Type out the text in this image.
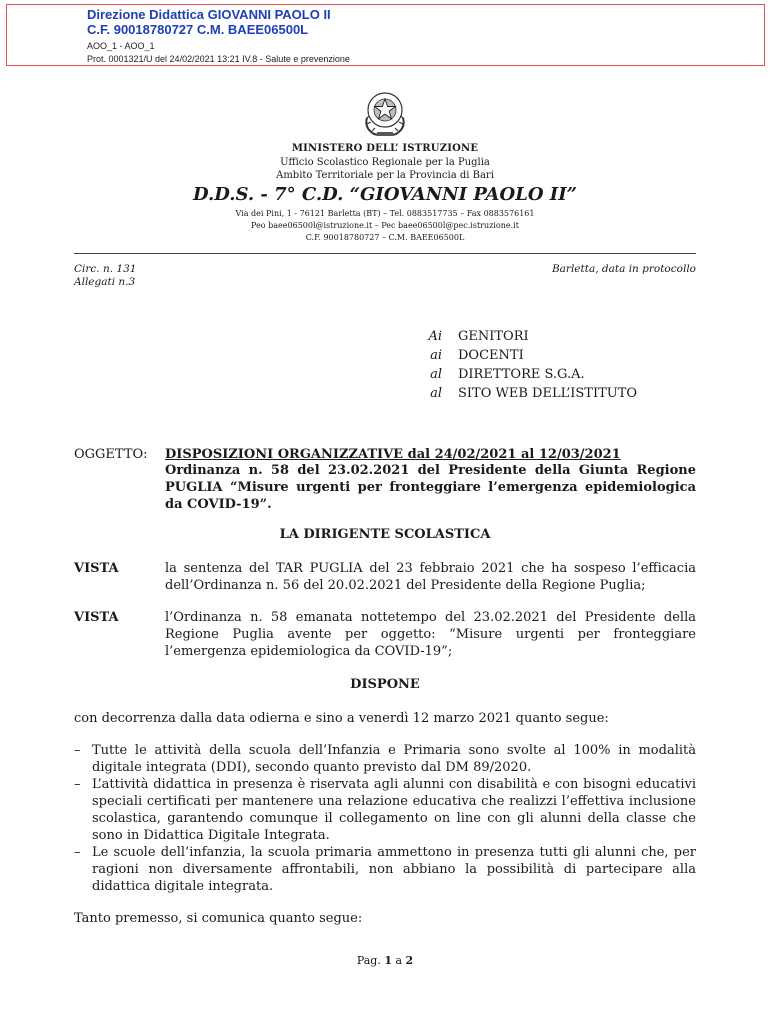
Direzione Didattica GIOVANNI PAOLO II
C.F. 90018780727 C.M. BAEE06500L
AOO_1 - AOO_1
Prot. 0001321/U del 24/02/2021 13:21 IV.8 - Salute e prevenzione
MINISTERO DELL’ ISTRUZIONE
Ufficio Scolastico Regionale per la Puglia
Ambito Territoriale per la Provincia di Bari
D.D.S. - 7° C.D. “GIOVANNI PAOLO II”
Via dei Pini, 1 - 76121 Barletta (BT) – Tel. 0883517735 – Fax 0883576161
Peo baee06500l@istruzione.it – Pec baee06500l@pec.istruzione.it
C.F. 90018780727 – C.M. BAEE06500L
Circ. n. 131
Allegati n.3
Barletta, data in protocollo
Ai GENITORI
ai DOCENTI
al DIRETTORE S.G.A.
al SITO WEB DELL’ISTITUTO
OGGETTO: DISPOSIZIONI ORGANIZZATIVE dal 24/02/2021 al 12/03/2021
Ordinanza n. 58 del 23.02.2021 del Presidente della Giunta Regione PUGLIA “Misure urgenti per fronteggiare l’emergenza epidemiologica da COVID-19”.
LA DIRIGENTE SCOLASTICA
VISTA	la sentenza del TAR PUGLIA del 23 febbraio 2021 che ha sospeso l’efficacia dell’Ordinanza n. 56 del 20.02.2021 del Presidente della Regione Puglia;
VISTA	l’Ordinanza n. 58 emanata nottetempo del 23.02.2021 del Presidente della Regione Puglia avente per oggetto: “Misure urgenti per fronteggiare l’emergenza epidemiologica da COVID-19”;
DISPONE
con decorrenza dalla data odierna e sino a venerdì 12 marzo 2021 quanto segue:
– Tutte le attività della scuola dell’Infanzia e Primaria sono svolte al 100% in modalità digitale integrata (DDI), secondo quanto previsto dal DM 89/2020.
– L’attività didattica in presenza è riservata agli alunni con disabilità e con bisogni educativi speciali certificati per mantenere una relazione educativa che realizzi l’effettiva inclusione scolastica, garantendo comunque il collegamento on line con gli alunni della classe che sono in Didattica Digitale Integrata.
– Le scuole dell’infanzia, la scuola primaria ammettono in presenza tutti gli alunni che, per ragioni non diversamente affrontabili, non abbiano la possibilità di partecipare alla didattica digitale integrata.
Tanto premesso, si comunica quanto segue:
Pag. 1 a 2
